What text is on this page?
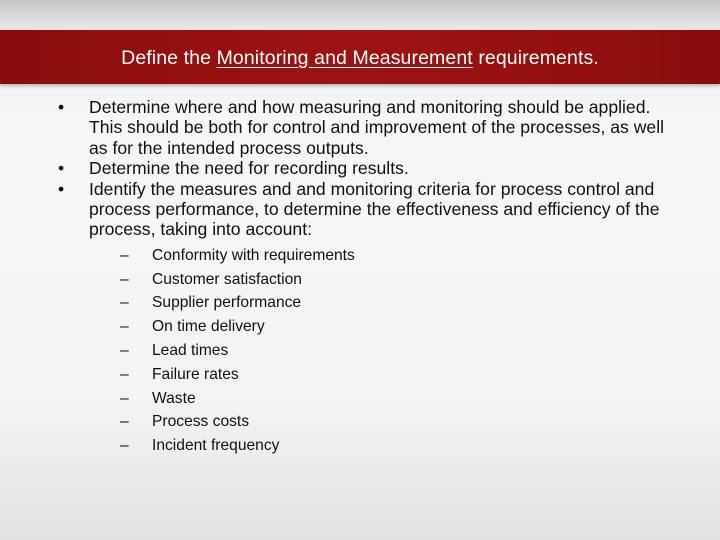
Define the Monitoring and Measurement requirements.
• Determine where and how measuring and monitoring should be applied. This should be both for control and improvement of the processes, as well as for the intended process outputs.
• Determine the need for recording results.
• Identify the measures and and monitoring criteria for process control and process performance, to determine the effectiveness and efficiency of the process, taking into account:
– Conformity with requirements
– Customer satisfaction
– Supplier performance
– On time delivery
– Lead times
– Failure rates
– Waste
– Process costs
– Incident frequency
